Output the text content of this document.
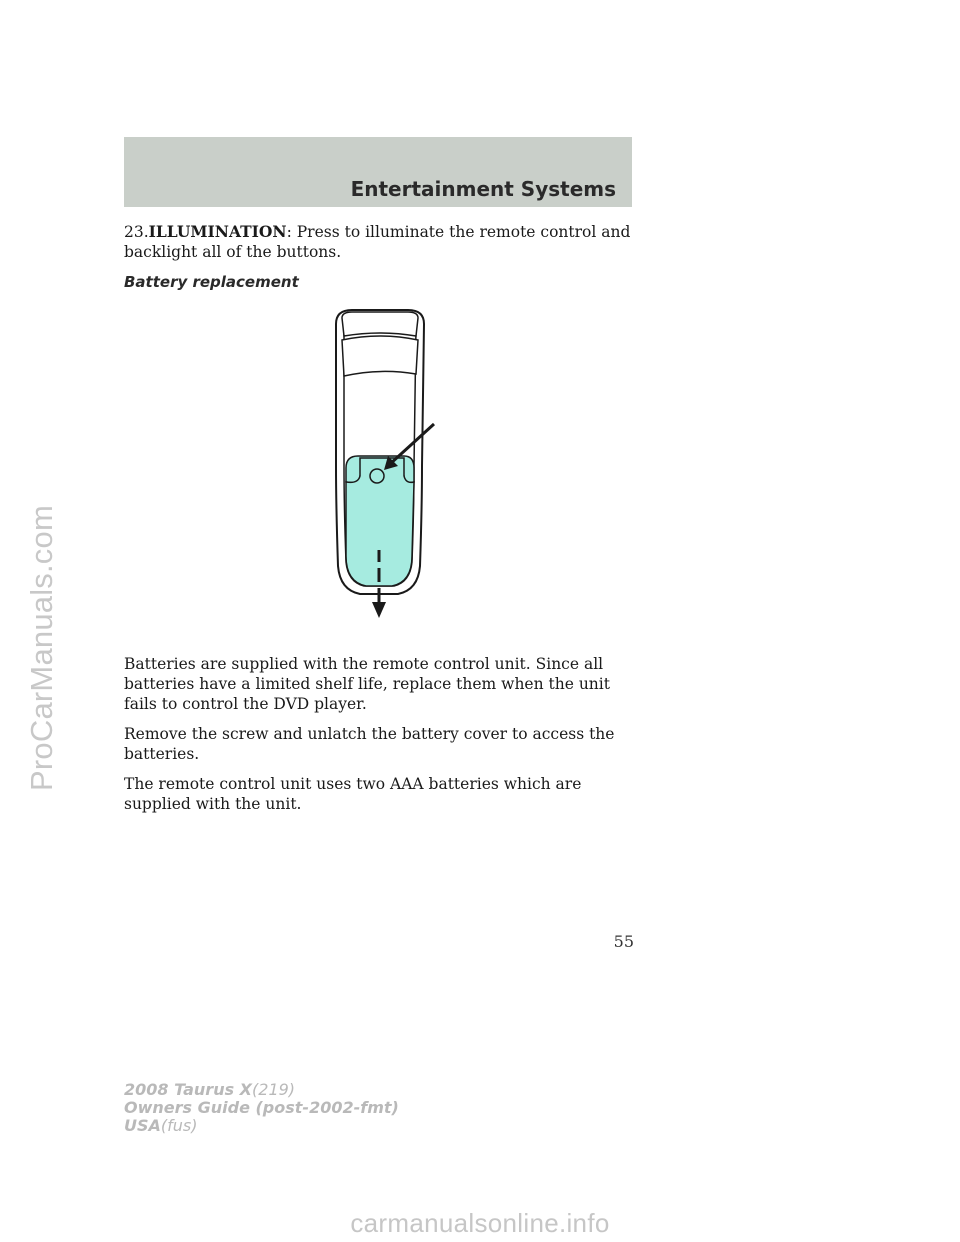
ProCarManuals.com
Entertainment Systems

23.ILLUMINATION: Press to illuminate the remote control and backlight all of the buttons.

Battery replacement

Batteries are supplied with the remote control unit. Since all batteries have a limited shelf life, replace them when the unit fails to control the DVD player.

Remove the screw and unlatch the battery cover to access the batteries.

The remote control unit uses two AAA batteries which are supplied with the unit.

55
2008 Taurus X(219)
Owners Guide (post-2002-fmt)
USA(fus)
carmanualsonline.info
